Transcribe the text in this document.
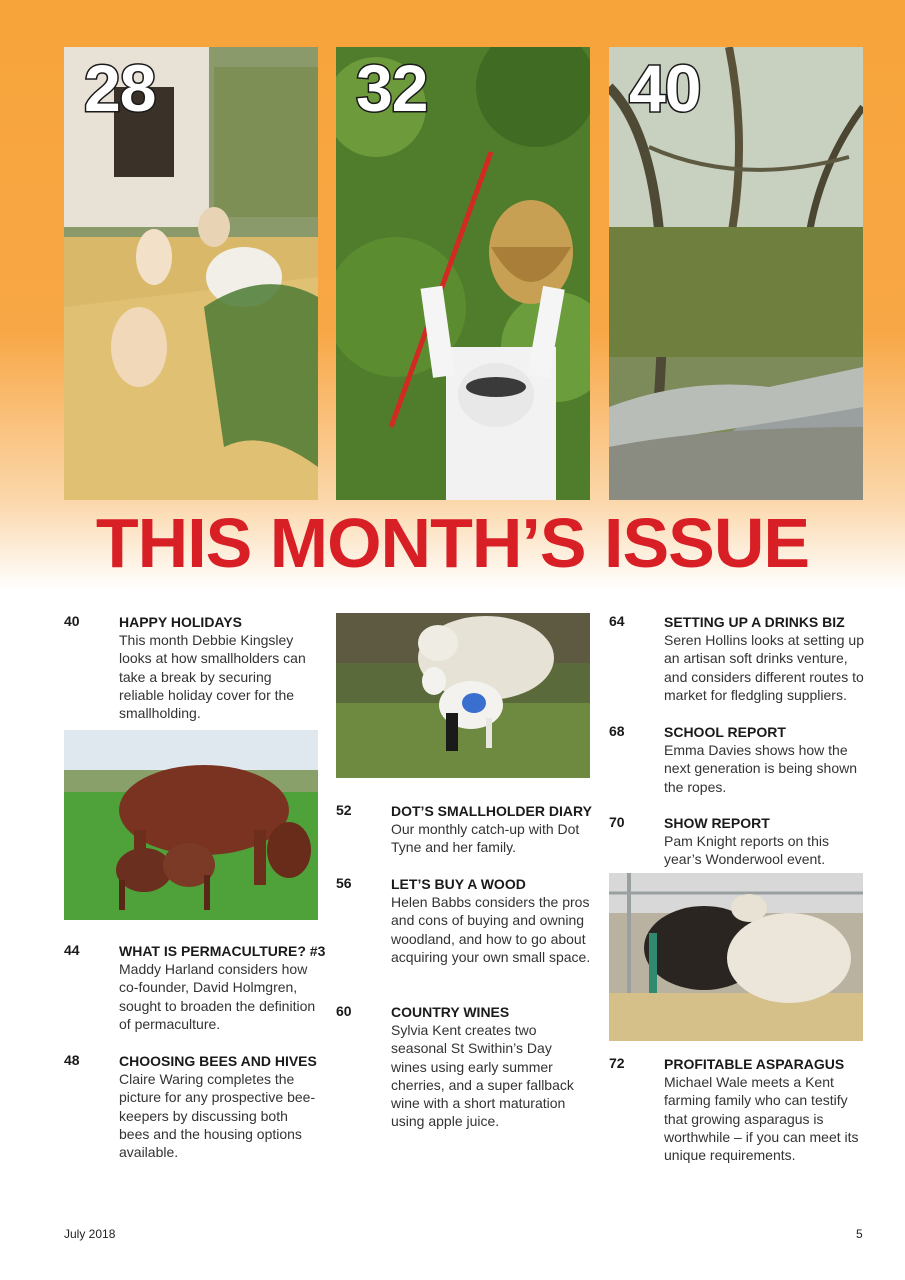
28	32	40
THIS MONTH’S ISSUE
40	HAPPY HOLIDAYS
This month Debbie Kingsley looks at how smallholders can take a break by securing reliable holiday cover for the smallholding.
44	WHAT IS PERMACULTURE? #3
Maddy Harland considers how co-founder, David Holmgren, sought to broaden the definition of permaculture.
48	CHOOSING BEES AND HIVES
Claire Waring completes the picture for any prospective bee-keepers by discussing both bees and the housing options available.
52	DOT’S SMALLHOLDER DIARY
Our monthly catch-up with Dot Tyne and her family.
56	LET’S BUY A WOOD
Helen Babbs considers the pros and cons of buying and owning woodland, and how to go about acquiring your own small space.
60	COUNTRY WINES
Sylvia Kent creates two seasonal St Swithin’s Day wines using early summer cherries, and a super fallback wine with a short maturation using apple juice.
64	SETTING UP A DRINKS BIZ
Seren Hollins looks at setting up an artisan soft drinks venture, and considers different routes to market for fledgling suppliers.
68	SCHOOL REPORT
Emma Davies shows how the next generation is being shown the ropes.
70	SHOW REPORT
Pam Knight reports on this year’s Wonderwool event.
72	PROFITABLE ASPARAGUS
Michael Wale meets a Kent farming family who can testify that growing asparagus is worthwhile – if you can meet its unique requirements.
July 2018	5
